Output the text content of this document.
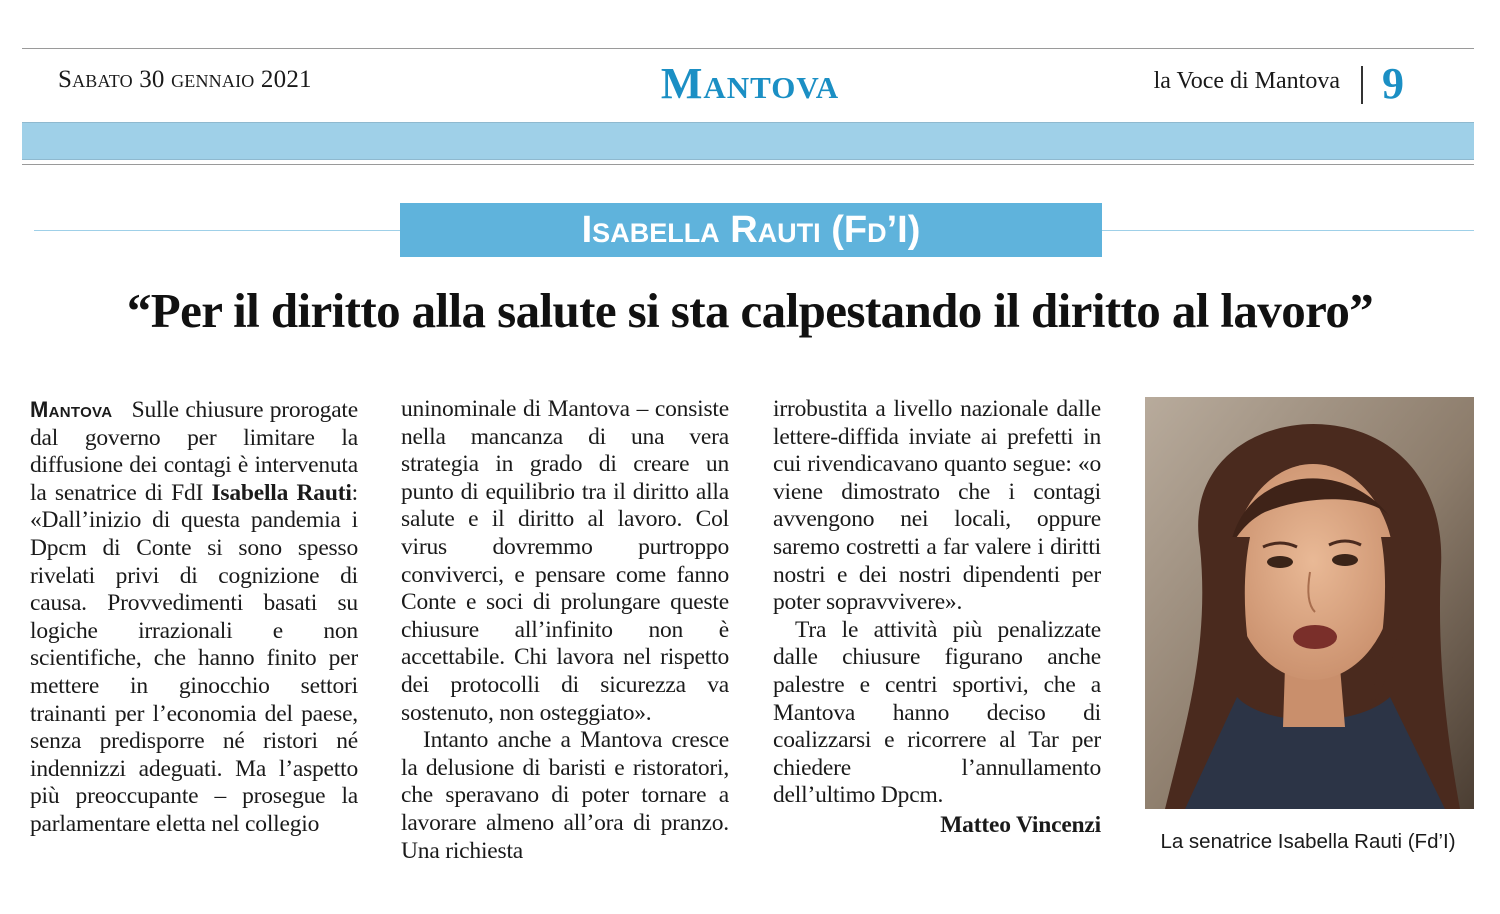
Sabato 30 gennaio 2021	Mantova	la Voce di Mantova 9
Isabella Rauti (Fd’I)
“Per il diritto alla salute si sta calpestando il diritto al lavoro”

Mantova Sulle chiusure prorogate dal governo per limitare la diffusione dei contagi è intervenuta la senatrice di FdI Isabella Rauti: «Dall’inizio di questa pandemia i Dpcm di Conte si sono spesso rivelati privi di cognizione di causa. Provvedimenti basati su logiche irrazionali e non scientifiche, che hanno finito per mettere in ginocchio settori trainanti per l’economia del paese, senza predisporre né ristori né indennizzi adeguati. Ma l’aspetto più preoccupante – prosegue la parlamentare eletta nel collegio

uninominale di Mantova – consiste nella mancanza di una vera strategia in grado di creare un punto di equilibrio tra il diritto alla salute e il diritto al lavoro. Col virus dovremmo purtroppo conviverci, e pensare come fanno Conte e soci di prolungare queste chiusure all’infinito non è accettabile. Chi lavora nel rispetto dei protocolli di sicurezza va sostenuto, non osteggiato».

Intanto anche a Mantova cresce la delusione di baristi e ristoratori, che speravano di poter tornare a lavorare almeno all’ora di pranzo. Una richiesta

irrobustita a livello nazionale dalle lettere-diffida inviate ai prefetti in cui rivendicavano quanto segue: «o viene dimostrato che i contagi avvengono nei locali, oppure saremo costretti a far valere i diritti nostri e dei nostri dipendenti per poter sopravvivere».

Tra le attività più penalizzate dalle chiusure figurano anche palestre e centri sportivi, che a Mantova hanno deciso di coalizzarsi e ricorrere al Tar per chiedere l’annullamento dell’ultimo Dpcm.

Matteo Vincenzi
La senatrice Isabella Rauti (Fd’I)
